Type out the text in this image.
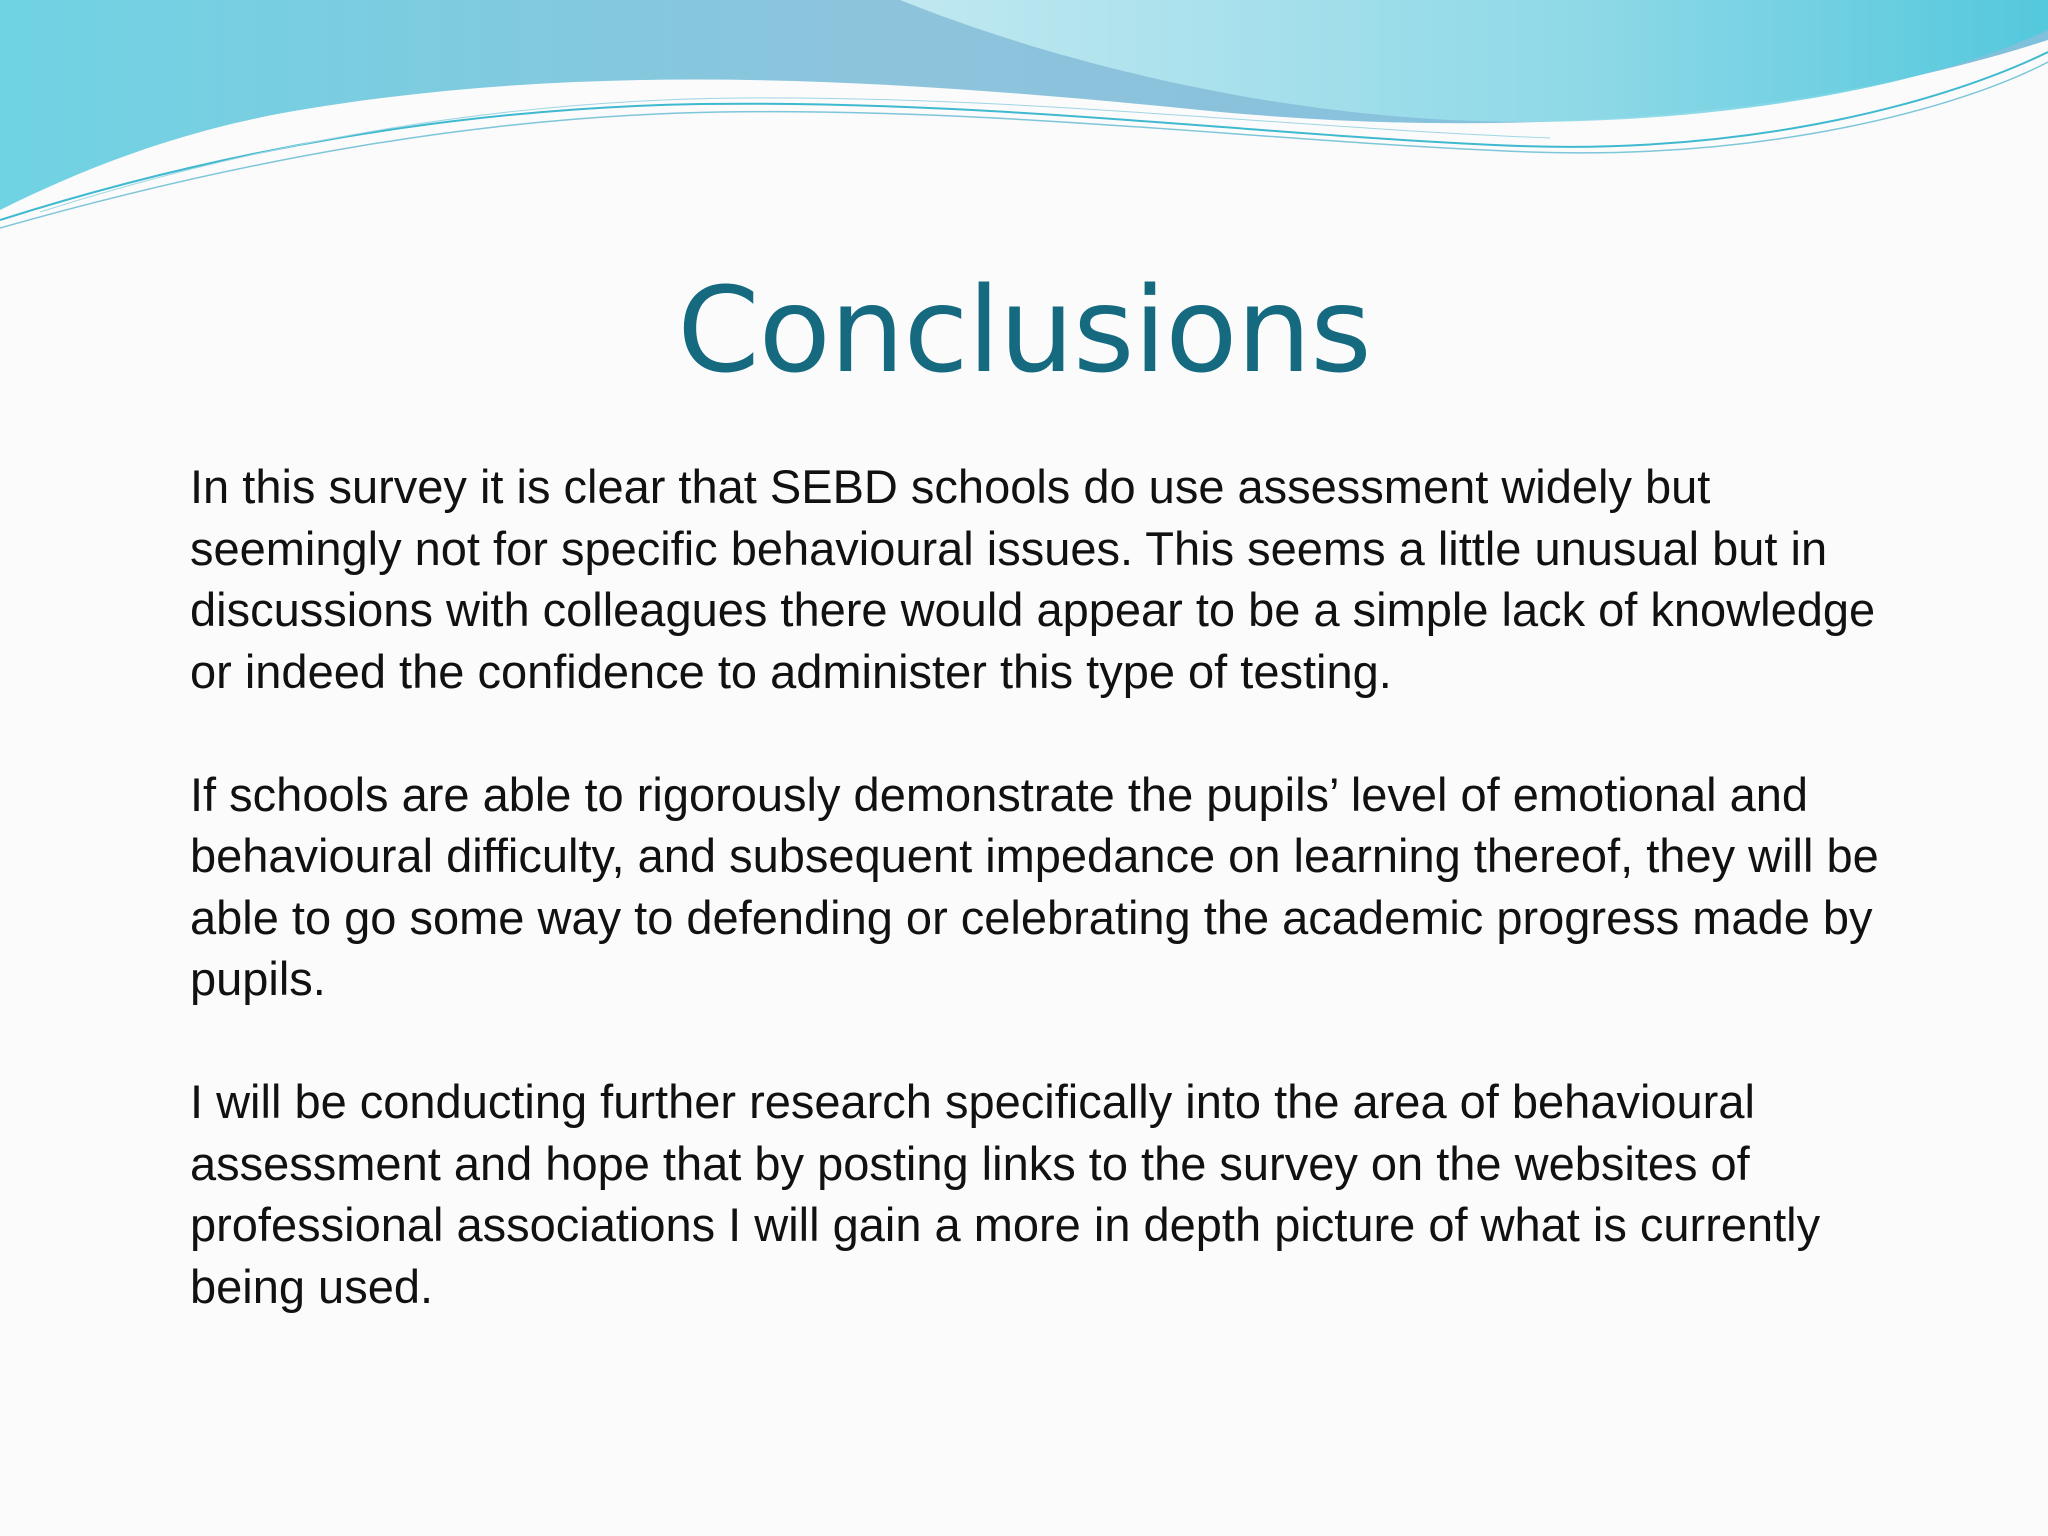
Conclusions

In this survey it is clear that SEBD schools do use assessment widely but seemingly not for specific behavioural issues. This seems a little unusual but in discussions with colleagues there would appear to be a simple lack of knowledge or indeed the confidence to administer this type of testing.

If schools are able to rigorously demonstrate the pupils’ level of emotional and behavioural difficulty, and subsequent impedance on learning thereof, they will be able to go some way to defending or celebrating the academic progress made by pupils.

I will be conducting further research specifically into the area of behavioural assessment and hope that by posting links to the survey on the websites of professional associations I will gain a more in depth picture of what is currently being used.
